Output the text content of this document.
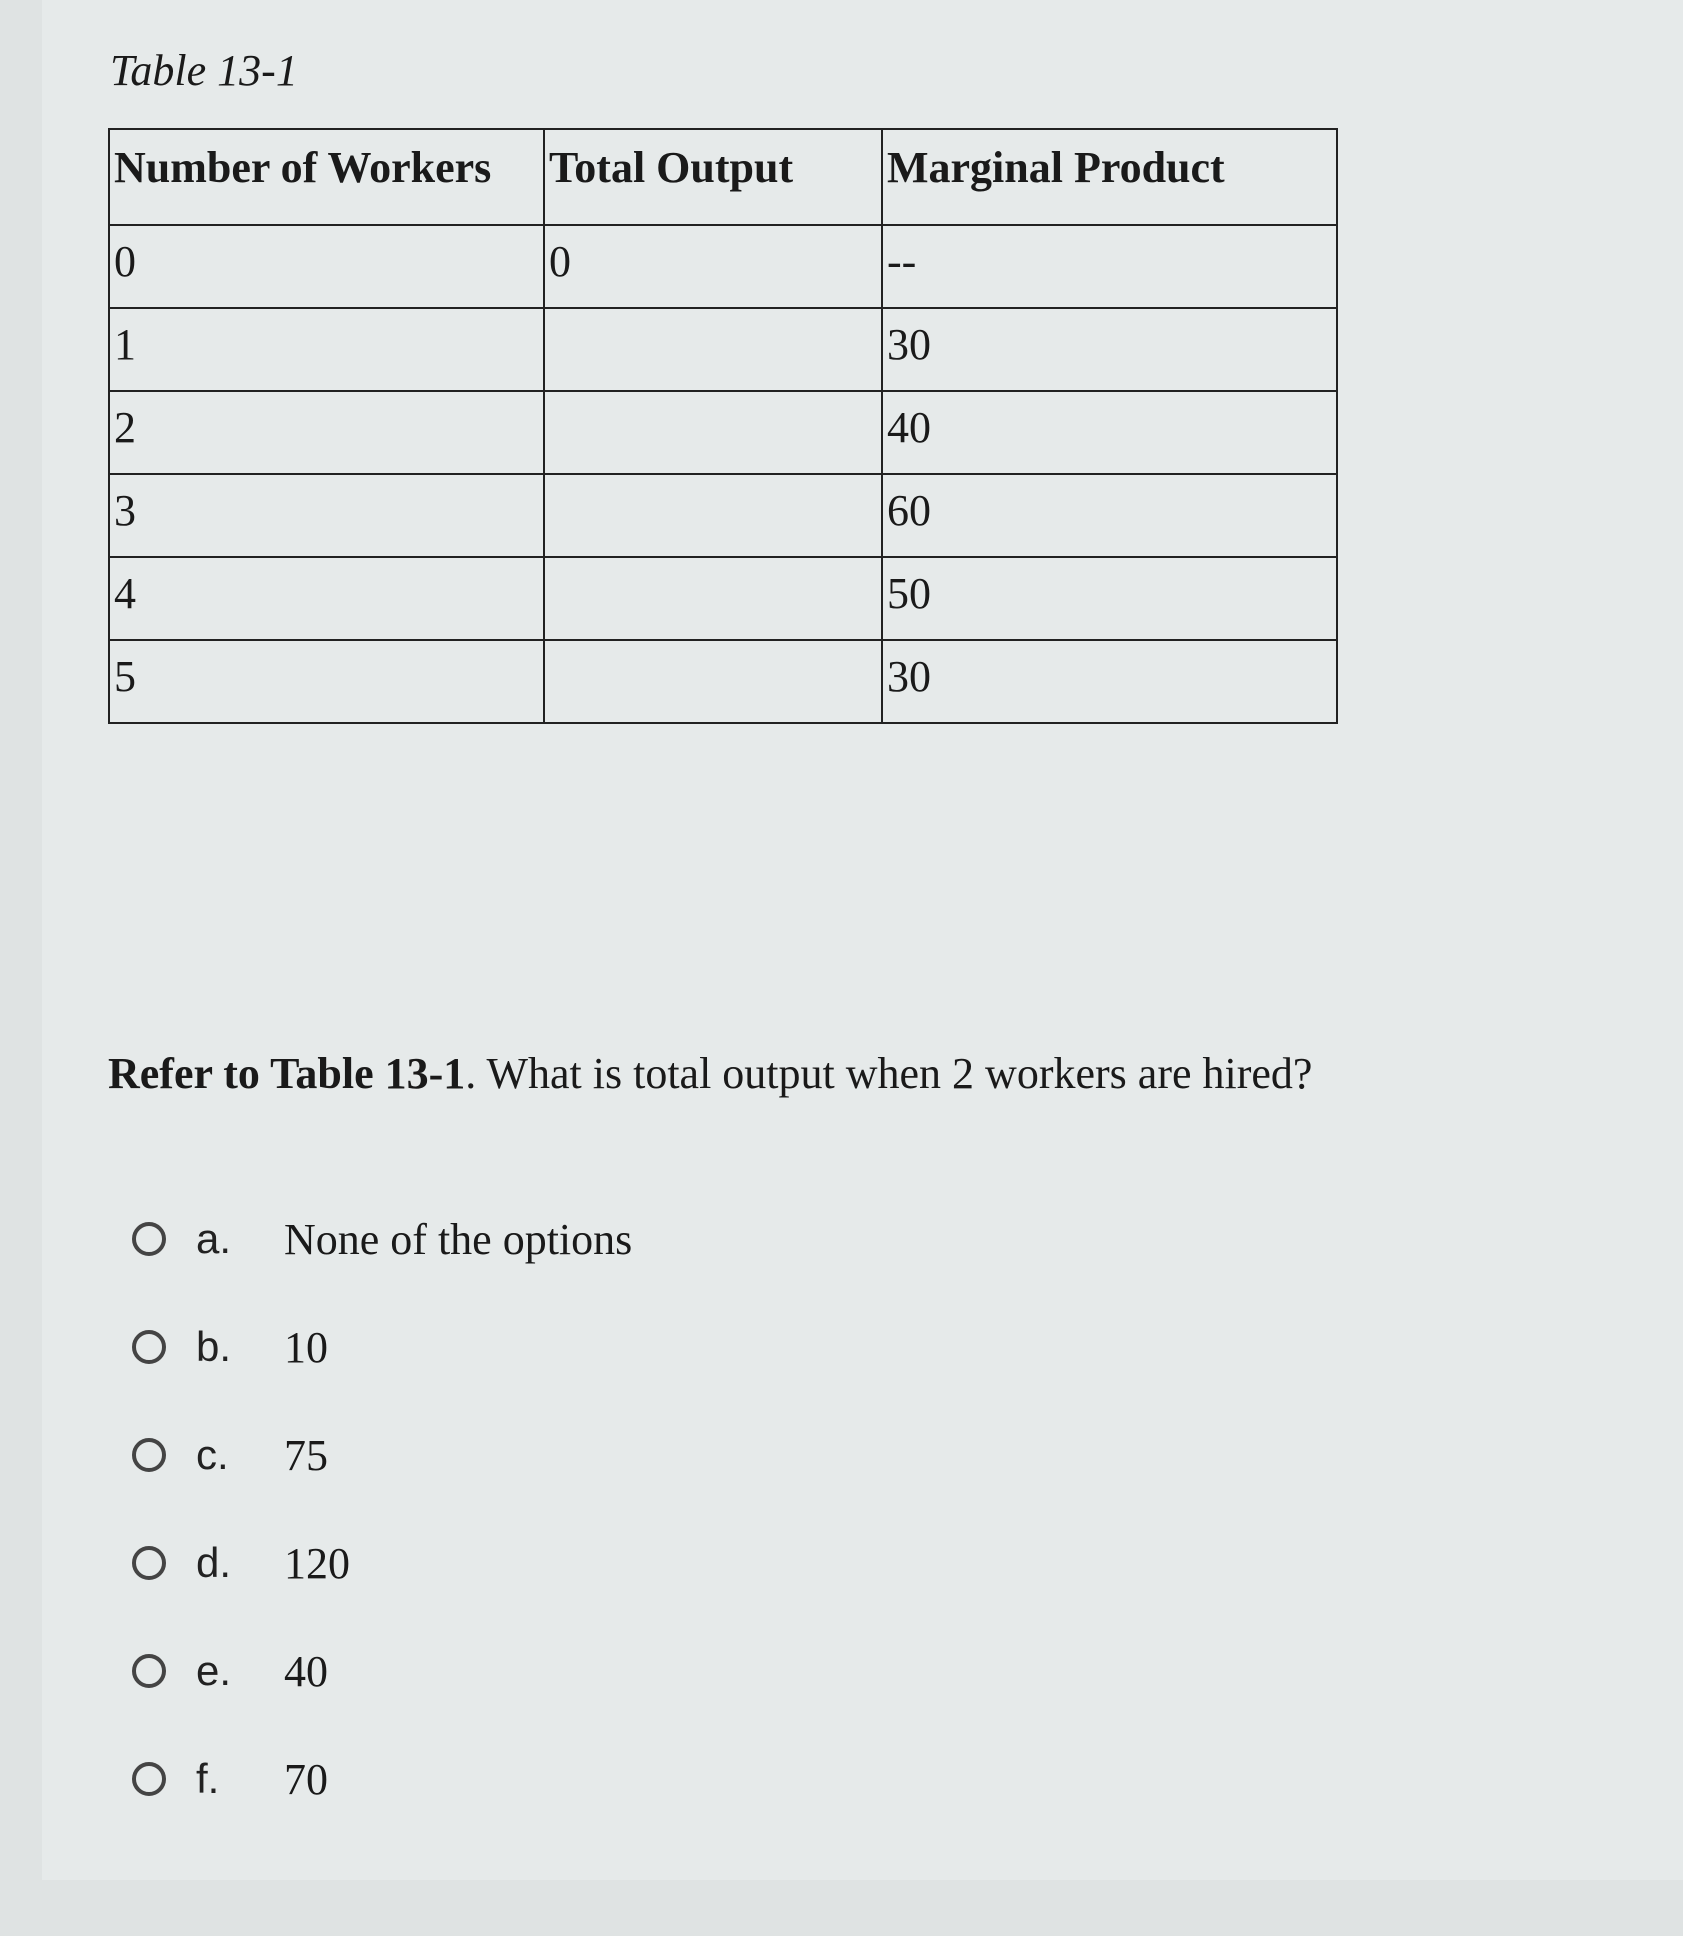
Table 13-1
Number of Workers	Total Output	Marginal Product
0	0	--
1		30
2		40
3		60
4		50
5		30

Refer to Table 13-1. What is total output when 2 workers are hired?

a.	None of the options
b.	10
c.	75
d.	120
e.	40
f.	70
